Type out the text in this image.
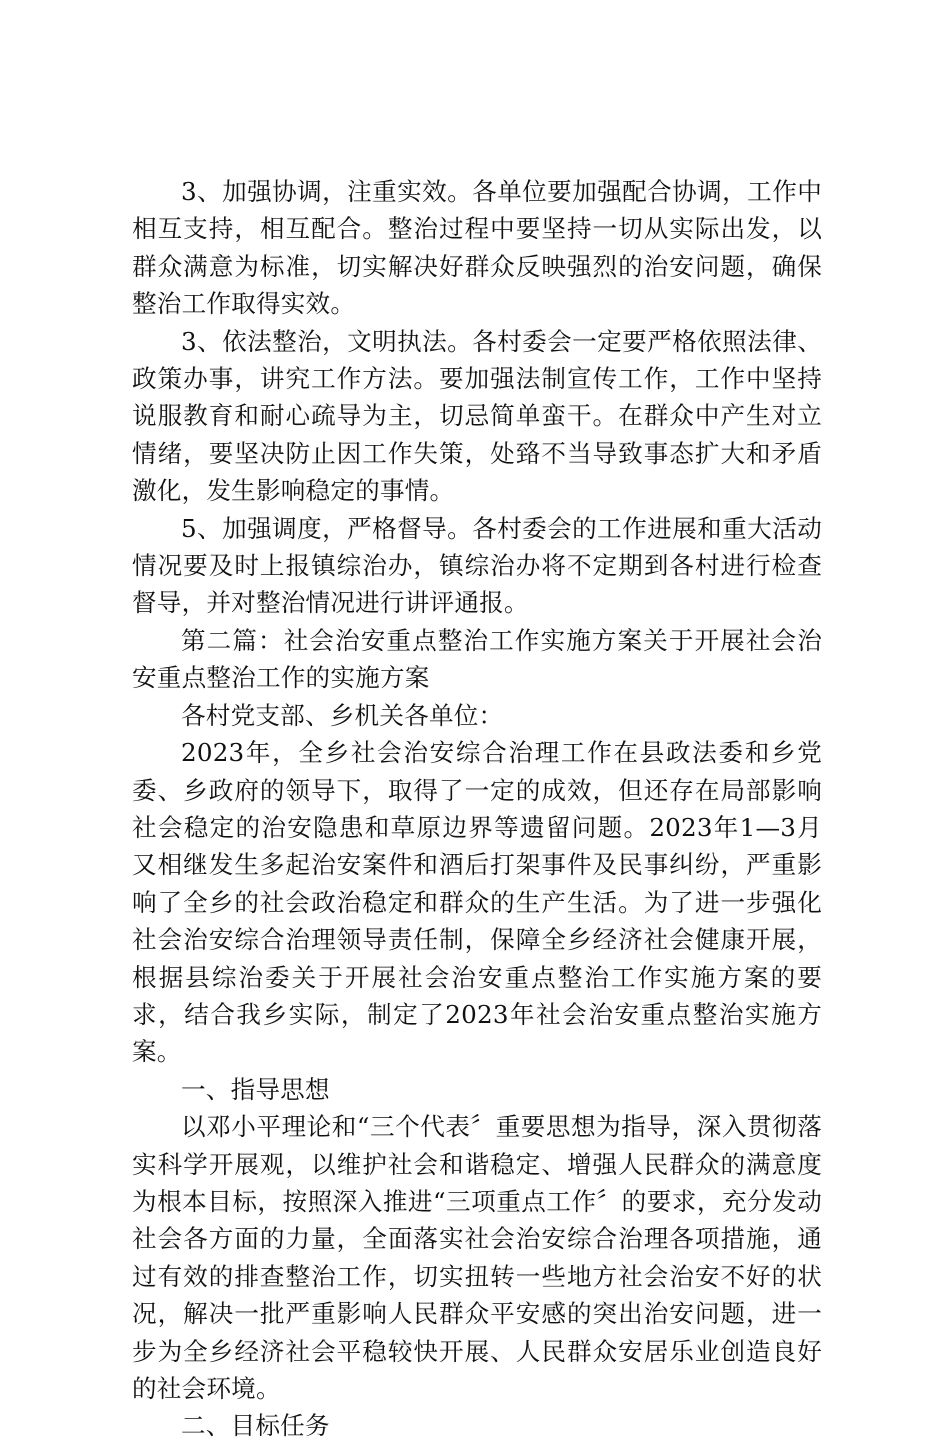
3、加强协调，注重实效。各单位要加强配合协调，工作中相互支持，相互配合。整治过程中要坚持一切从实际出发，以群众满意为标准，切实解决好群众反映强烈的治安问题，确保整治工作取得实效。

3、依法整治，文明执法。各村委会一定要严格依照法律、政策办事，讲究工作方法。要加强法制宣传工作，工作中坚持说服教育和耐心疏导为主，切忌简单蛮干。在群众中产生对立情绪，要坚决防止因工作失策，处臵不当导致事态扩大和矛盾激化，发生影响稳定的事情。

5、加强调度，严格督导。各村委会的工作进展和重大活动情况要及时上报镇综治办，镇综治办将不定期到各村进行检查督导，并对整治情况进行讲评通报。

第二篇：社会治安重点整治工作实施方案关于开展社会治安重点整治工作的实施方案

各村党支部、乡机关各单位：

2023年，全乡社会治安综合治理工作在县政法委和乡党委、乡政府的领导下，取得了一定的成效，但还存在局部影响社会稳定的治安隐患和草原边界等遗留问题。2023年1—3月又相继发生多起治安案件和酒后打架事件及民事纠纷，严重影响了全乡的社会政治稳定和群众的生产生活。为了进一步强化社会治安综合治理领导责任制，保障全乡经济社会健康开展，根据县综治委关于开展社会治安重点整治工作实施方案的要求，结合我乡实际，制定了2023年社会治安重点整治实施方案。

一、指导思想

以邓小平理论和“三个代表〞重要思想为指导，深入贯彻落实科学开展观，以维护社会和谐稳定、增强人民群众的满意度为根本目标，按照深入推进“三项重点工作〞的要求，充分发动社会各方面的力量，全面落实社会治安综合治理各项措施，通过有效的排查整治工作，切实扭转一些地方社会治安不好的状况，解决一批严重影响人民群众平安感的突出治安问题，进一步为全乡经济社会平稳较快开展、人民群众安居乐业创造良好的社会环境。

二、目标任务
